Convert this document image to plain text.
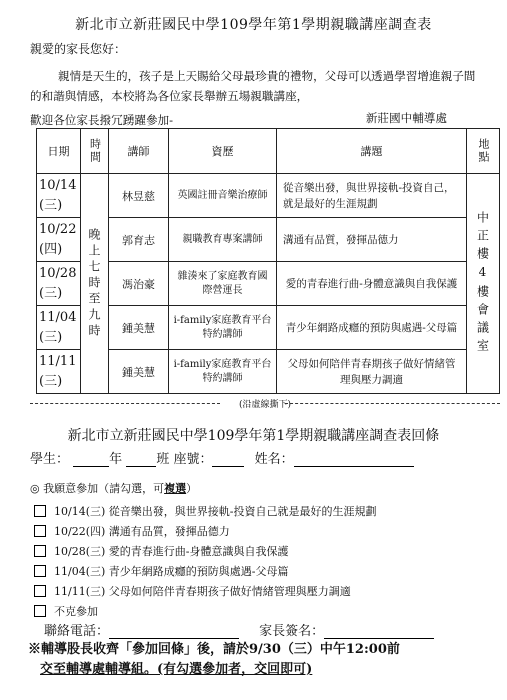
新北市立新莊國民中學109學年第1學期親職講座調查表
親愛的家長您好：
親情是天生的，孩子是上天賜給父母最珍貴的禮物，父母可以透過學習增進親子間的和諧與情感，本校將為各位家長舉辦五場親職講座，
歡迎各位家長撥冗踴躍參加-	新莊國中輔導處
日期	時間	講師	資歷	講題	地點

10/14
(三)	晚上七時至九時	林昱慈	英國註冊音樂治療師	從音樂出發，與世界接軌-投資自己，就是最好的生涯規劃	中正樓4樓會議室

10/22
(四)		郭育志	親職教育專案講師	溝通有品質，發揮品德力	

10/28
(三)		馮治豪	雜湊來了家庭教育國際營運長	愛的青春進行曲-身體意識與自我保護	

11/04
(三)		鍾美慧	i-family家庭教育平台特約講師	青少年網路成癮的預防與處遇-父母篇	

11/11
(三)		鍾美慧	i-family家庭教育平台特約講師	父母如何陪伴青春期孩子做好情緒管理與壓力調適	
(沿虛線撕下)
新北市立新莊國民中學109學年第1學期親職講座調查表回條
學生：	年	班 座號：	姓名：
◎ 我願意參加（請勾選，可複選）
10/14(三) 從音樂出發，與世界接軌-投資自己就是最好的生涯規劃
10/22(四) 溝通有品質，發揮品德力
10/28(三) 愛的青春進行曲-身體意識與自我保護
11/04(三) 青少年網路成癮的預防與處遇-父母篇
11/11(三) 父母如何陪伴青春期孩子做好情緒管理與壓力調適
不克參加
聯絡電話：	家長簽名：
※輔導股長收齊「參加回條」後，請於9/30（三）中午12:00前
交至輔導處輔導組。(有勾選參加者，交回即可)
